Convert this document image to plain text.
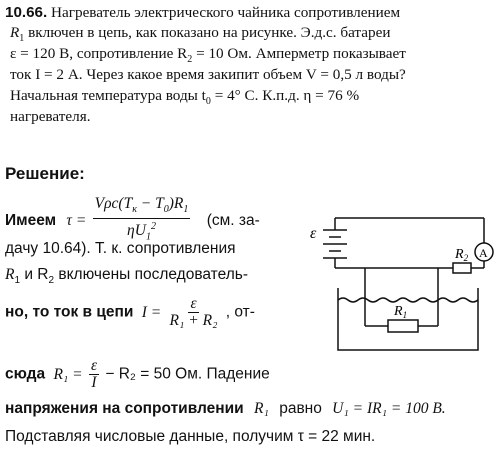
10.66. Нагреватель электрического чайника сопротивлением
$R_1$ включен в цепь, как показано на рисунке. Э.д.с. батареи
ε = 120 В, сопротивление $R_2 = 10$ Ом. Амперметр показывает
ток I = 2 А. Через какое время закипит объем V = 0,5 л воды?
Начальная температура воды $t_0 = 4^\circ$ С. К.п.д. η = 76 %
нагревателя.
Решение:
Имеем $\tau = \frac{V\rho c(T_к - T_0)R_1}{\eta U_1^2} (см$. за-
дачу 10.64). Т. к. сопротивления
$R_1$ и $R_2$ включены последователь-
но, то ток в цепи $I = \frac{\varepsilon}{\text{R₁ + R₂}}$ , от-
сюда $R_1 = \frac{\varepsilon}{I} - R_2 = 50$ Ом. Падение
напряжения на сопротивлении R₁ равно U₁ = IR₁ = 100 В.
Подставляя числовые данные, получим τ = 22 мин.
ε
$R_2$ A
$R_1$
